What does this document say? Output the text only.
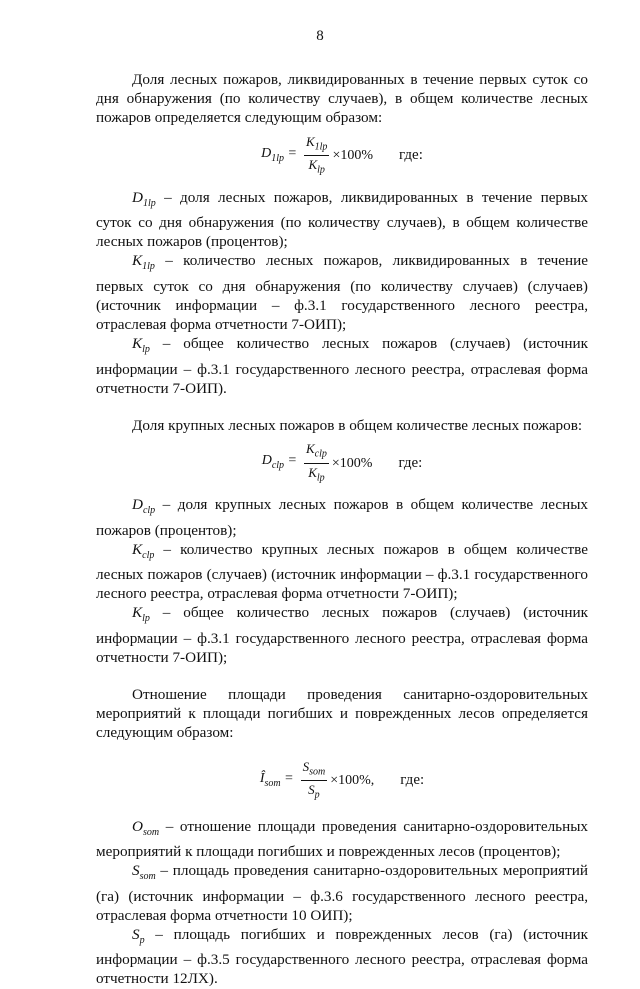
8

Доля лесных пожаров, ликвидированных в течение первых суток со дня обнаружения (по количеству случаев), в общем количестве лесных пожаров определяется следующим образом:

$D_{1lp} = \frac{K_{1lp}}{K_{lp}} \times 100\%$ где:

$D_{1lp}$ – доля лесных пожаров, ликвидированных в течение первых суток со дня обнаружения (по количеству случаев), в общем количестве лесных пожаров (процентов);

$K_{1lp}$ – количество лесных пожаров, ликвидированных в течение первых суток со дня обнаружения (по количеству случаев) (случаев) (источник информации – ф.3.1 государственного лесного реестра, отраслевая форма отчетности 7-ОИП);

$K_{lp}$ – общее количество лесных пожаров (случаев) (источник информации – ф.3.1 государственного лесного реестра, отраслевая форма отчетности 7-ОИП).

Доля крупных лесных пожаров в общем количестве лесных пожаров:

$D_{clp} = \frac{K_{clp}}{K_{lp}} \times 100\%$ где:

$D_{clp}$ – доля крупных лесных пожаров в общем количестве лесных пожаров (процентов);

$K_{clp}$ – количество крупных лесных пожаров в общем количестве лесных пожаров (случаев) (источник информации – ф.3.1 государственного лесного реестра, отраслевая форма отчетности 7-ОИП);

$K_{lp}$ – общее количество лесных пожаров (случаев) (источник информации – ф.3.1 государственного лесного реестра, отраслевая форма отчетности 7-ОИП);

Отношение площади проведения санитарно-оздоровительных мероприятий к площади погибших и поврежденных лесов определяется следующим образом:

$Î_{som} = \frac{S_{som}}{S_p} \times 100\%$, где:

$O_{som}$ – отношение площади проведения санитарно-оздоровительных мероприятий к площади погибших и поврежденных лесов (процентов);

$S_{som}$ – площадь проведения санитарно-оздоровительных мероприятий (га) (источник информации – ф.3.6 государственного лесного реестра, отраслевая форма отчетности 10 ОИП);

$S_p$ – площадь погибших и поврежденных лесов (га) (источник информации – ф.3.5 государственного лесного реестра, отраслевая форма отчетности 12ЛХ).
